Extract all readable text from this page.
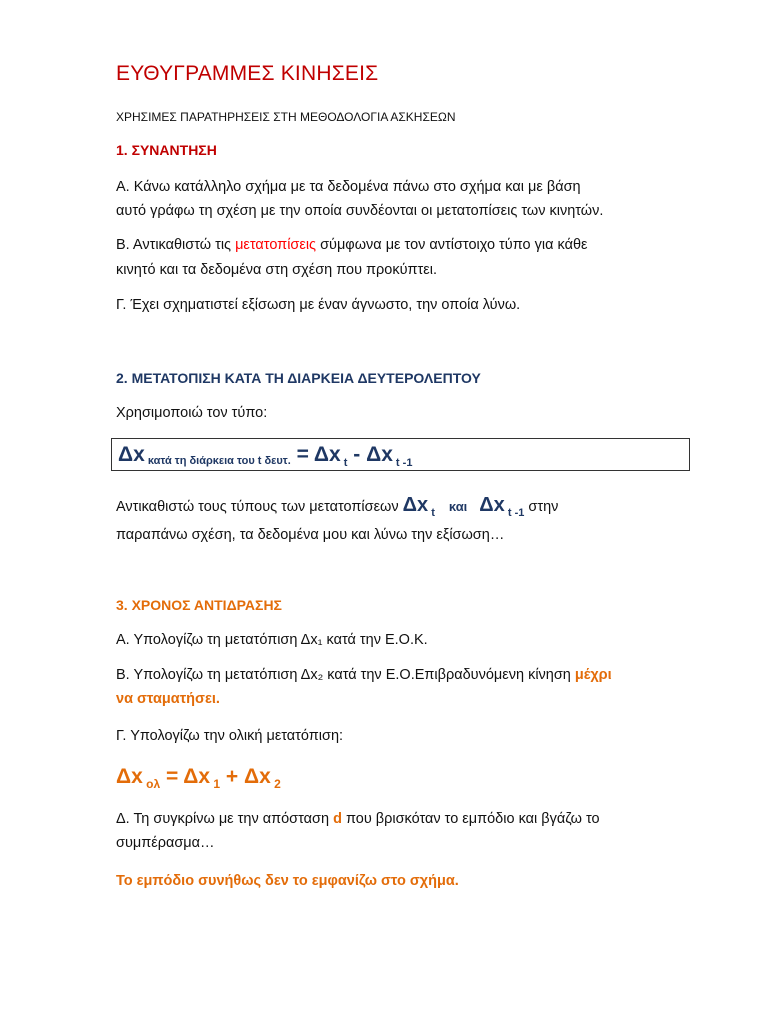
ΕΥΘΥΓΡΑΜΜΕΣ ΚΙΝΗΣΕΙΣ
ΧΡΗΣΙΜΕΣ ΠΑΡΑΤΗΡΗΣΕΙΣ ΣΤΗ ΜΕΘΟΔΟΛΟΓΙΑ ΑΣΚΗΣΕΩΝ
1. ΣΥΝΑΝΤΗΣΗ
Α. Κάνω κατάλληλο σχήμα με τα δεδομένα πάνω στο σχήμα και με βάση
αυτό γράφω τη σχέση με την οποία συνδέονται οι μετατοπίσεις των κινητών.
Β. Αντικαθιστώ τις μετατοπίσεις σύμφωνα με τον αντίστοιχο τύπο για κάθε
κινητό και τα δεδομένα στη σχέση που προκύπτει.
Γ. Έχει σχηματιστεί εξίσωση με έναν άγνωστο, την οποία λύνω.
2. ΜΕΤΑΤΟΠΙΣΗ ΚΑΤΑ ΤΗ ΔΙΑΡΚΕΙΑ ΔΕΥΤΕΡΟΛΕΠΤΟΥ
Χρησιμοποιώ τον τύπο:
Δx κατά τη διάρκεια του t δευτ. = Δx $_t$ - Δx $_{t -1}$
Αντικαθιστώ τους τύπους των μετατοπίσεων Δx $_t$ και Δx $_{t -1}$ στην
παραπάνω σχέση, τα δεδομένα μου και λύνω την εξίσωση…
3. ΧΡΟΝΟΣ ΑΝΤΙΔΡΑΣΗΣ
Α. Υπολογίζω τη μετατόπιση Δx₁ κατά την Ε.Ο.Κ.
Β. Υπολογίζω τη μετατόπιση Δx₂ κατά την Ε.Ο.Επιβραδυνόμενη κίνηση μέχρι
να σταματήσει.
Γ. Υπολογίζω την ολική μετατόπιση:
Δx $_{o\lambda}$ = Δx $_1$ + Δx $_2$
Δ. Τη συγκρίνω με την απόσταση d που βρισκόταν το εμπόδιο και βγάζω το
συμπέρασμα…
Το εμπόδιο συνήθως δεν το εμφανίζω στο σχήμα.
